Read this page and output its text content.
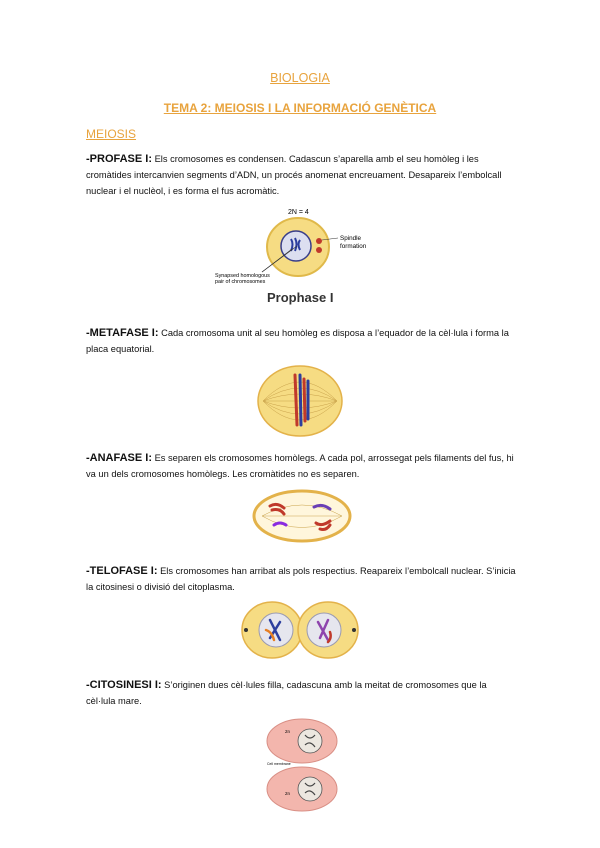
BIOLOGIA
TEMA 2: MEIOSIS I LA INFORMACIÓ GENÈTICA
MEIOSIS
-PROFASE I: Els cromosomes es condensen. Cadascun s’aparella amb el seu homòleg i les cromàtides intercanvien segments d’ADN, un procés anomenat encreuament. Desapareix l’embolcall nuclear i el nuclèol, i es forma el fus acromàtic.
2N = 4
Spindle
formation
Synapsed homologous
pair of chromosomes
Prophase I
-METAFASE I: Cada cromosoma unit al seu homòleg es disposa a l’equador de la cèl·lula i forma la placa equatorial.
-ANAFASE I: Es separen els cromosomes homòlegs. A cada pol, arrossegat pels filaments del fus, hi va un dels cromosomes homòlegs. Les cromàtides no es separen.
-TELOFASE I: Els cromosomes han arribat als pols respectius. Reapareix l’embolcall nuclear. S’inicia la citosinesi o divisió del citoplasma.
-CITOSINESI I: S’originen dues cèl·lules filla, cadascuna amb la meitat de cromosomes que la cèl·lula mare.
2n
2n
Cell membrane
